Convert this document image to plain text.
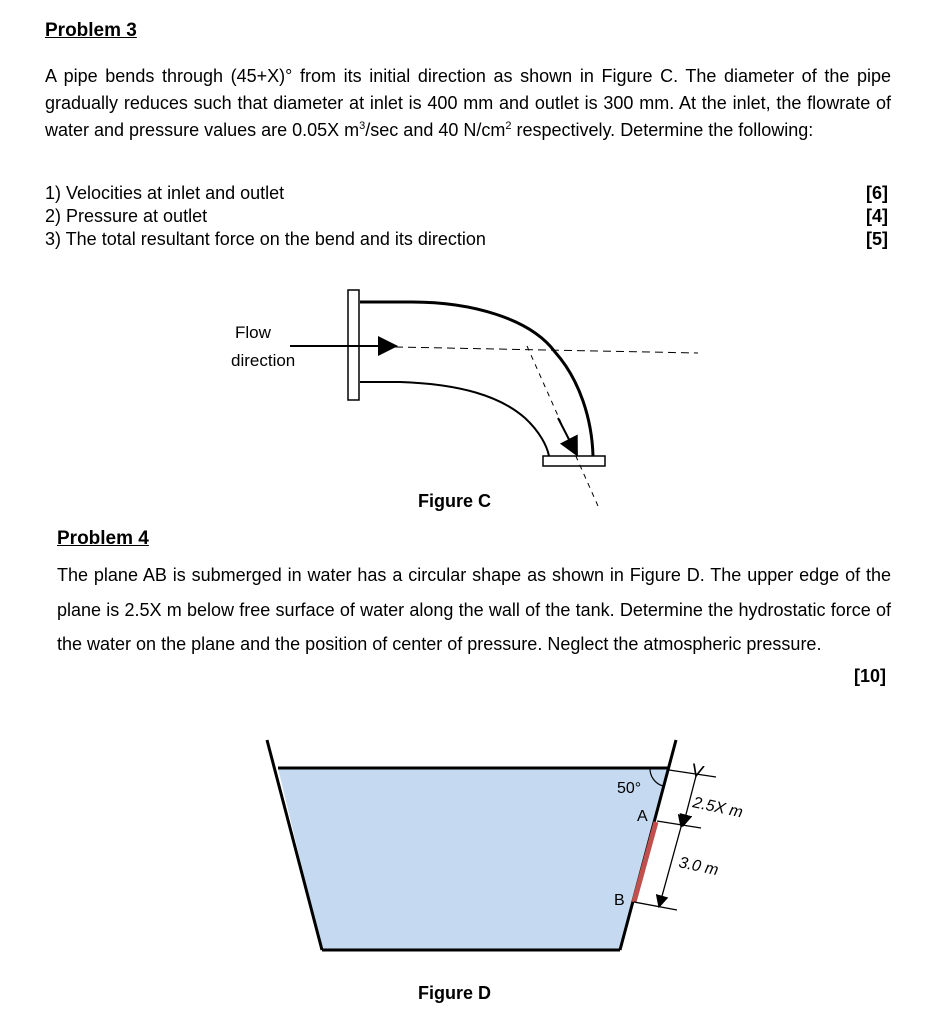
Problem 3
A pipe bends through (45+X)° from its initial direction as shown in Figure C. The diameter of the pipe gradually reduces such that diameter at inlet is 400 mm and outlet is 300 mm. At the inlet, the flowrate of water and pressure values are 0.05X $m^3/\sec$ and 40 $N/cm^2$ respectively. Determine the following:
1) Velocities at inlet and outlet	[6]
2) Pressure at outlet	[4]
3) The total resultant force on the bend and its direction	[5]
Flow
direction
Figure C
Problem 4
The plane AB is submerged in water has a circular shape as shown in Figure D. The upper edge of the plane is 2.5X m below free surface of water along the wall of the tank. Determine the hydrostatic force of the water on the plane and the position of center of pressure. Neglect the atmospheric pressure.
[10]
50°
A
B
2.5X m
3.0 m
Figure D
